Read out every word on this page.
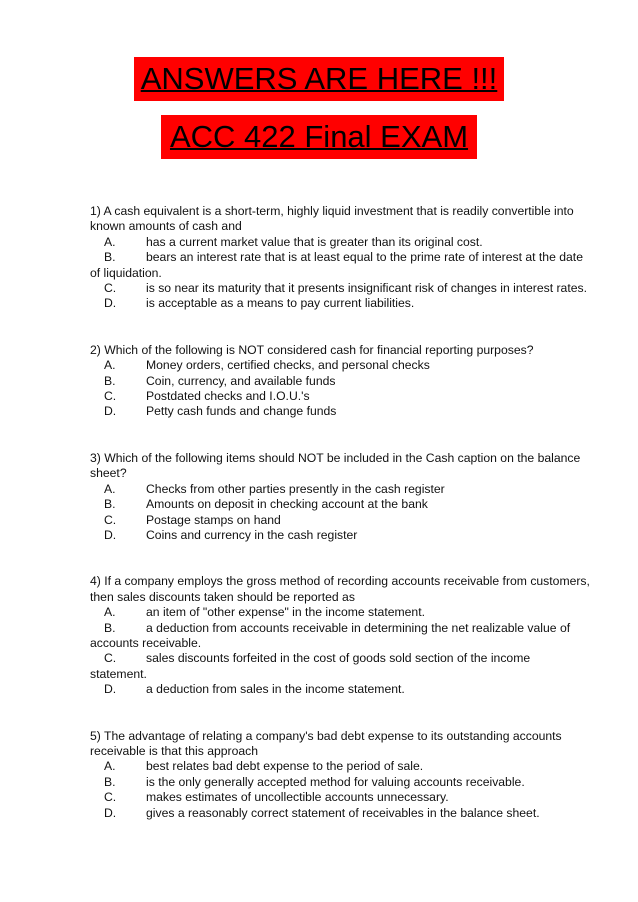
ANSWERS ARE HERE !!!
ACC 422 Final EXAM
1) A cash equivalent is a short-term, highly liquid investment that is readily convertible into known amounts of cash and
A. has a current market value that is greater than its original cost.
B. bears an interest rate that is at least equal to the prime rate of interest at the date of liquidation.
C. is so near its maturity that it presents insignificant risk of changes in interest rates.
D. is acceptable as a means to pay current liabilities.
2) Which of the following is NOT considered cash for financial reporting purposes?
A. Money orders, certified checks, and personal checks
B. Coin, currency, and available funds
C. Postdated checks and I.O.U.'s
D. Petty cash funds and change funds
3) Which of the following items should NOT be included in the Cash caption on the balance sheet?
A. Checks from other parties presently in the cash register
B. Amounts on deposit in checking account at the bank
C. Postage stamps on hand
D. Coins and currency in the cash register
4) If a company employs the gross method of recording accounts receivable from customers, then sales discounts taken should be reported as
A. an item of "other expense" in the income statement.
B. a deduction from accounts receivable in determining the net realizable value of accounts receivable.
C. sales discounts forfeited in the cost of goods sold section of the income statement.
D. a deduction from sales in the income statement.
5) The advantage of relating a company's bad debt expense to its outstanding accounts receivable is that this approach
A. best relates bad debt expense to the period of sale.
B. is the only generally accepted method for valuing accounts receivable.
C. makes estimates of uncollectible accounts unnecessary.
D. gives a reasonably correct statement of receivables in the balance sheet.
